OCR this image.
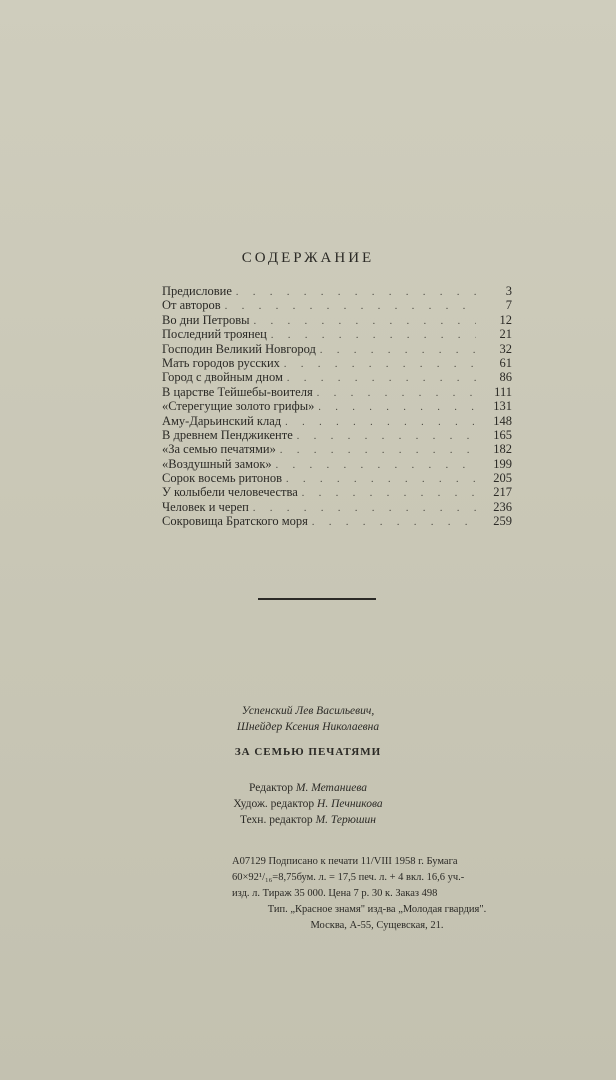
СОДЕРЖАНИЕ
Предисловие . . .	3
От авторов . . .	7
Во дни Петровы . . .	12
Последний троянец . . .	21
Господин Великий Новгород . . .	32
Мать городов русских . . .	61
Город с двойным дном . . .	86
В царстве Тейшебы-воителя . . .	111
«Стерегущие золото грифы» . . .	131
Аму-Дарьинский клад . . .	148
В древнем Пенджикенте . . .	165
«За семью печатями» . . .	182
«Воздушный замок» . . .	199
Сорок восемь ритонов . . .	205
У колыбели человечества . . .	217
Человек и череп . . .	236
Сокровища Братского моря . . .	259
Успенский Лев Васильевич,
Шнейдер Ксения Николаевна
ЗА СЕМЬЮ ПЕЧАТЯМИ
Редактор М. Метаниева
Худож. редактор Н. Печникова
Техн. редактор М. Терюшин
А07129 Подписано к печати 11/VIII 1958 г. Бумага
60×92¹/₁₆=8,75бум. л. = 17,5 печ. л. + 4 вкл. 16,6 уч.-
изд. л. Тираж 35 000. Цена 7 р. 30 к. Заказ 498
Тип. „Красное знамя" изд-ва „Молодая гвардия".
Москва, А-55, Сущевская, 21.
